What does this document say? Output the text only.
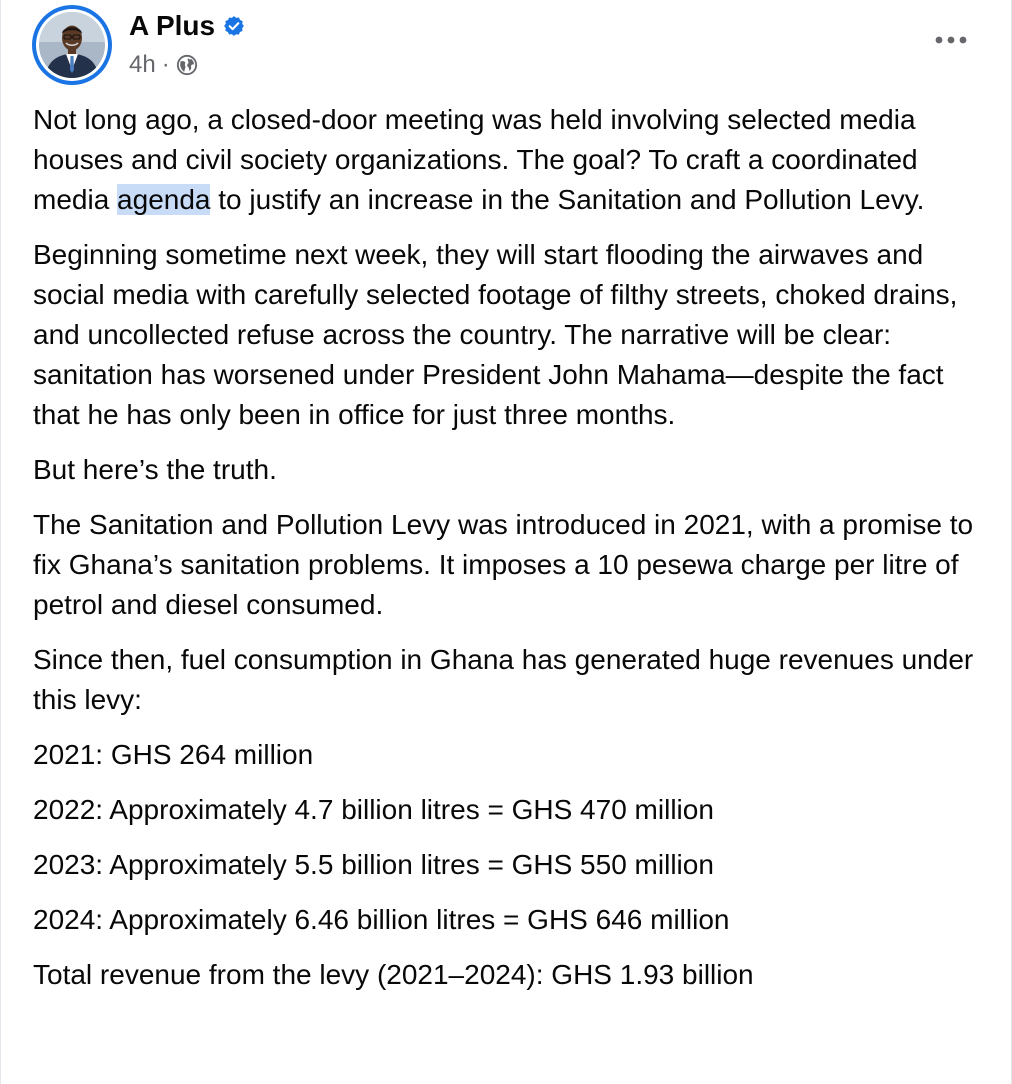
A Plus
4h ·

Not long ago, a closed-door meeting was held involving selected media houses and civil society organizations. The goal? To craft a coordinated media agenda to justify an increase in the Sanitation and Pollution Levy.

Beginning sometime next week, they will start flooding the airwaves and social media with carefully selected footage of filthy streets, choked drains, and uncollected refuse across the country. The narrative will be clear: sanitation has worsened under President John Mahama—despite the fact that he has only been in office for just three months.

But here’s the truth.

The Sanitation and Pollution Levy was introduced in 2021, with a promise to fix Ghana’s sanitation problems. It imposes a 10 pesewa charge per litre of petrol and diesel consumed.

Since then, fuel consumption in Ghana has generated huge revenues under this levy:

2021: GHS 264 million

2022: Approximately 4.7 billion litres = GHS 470 million

2023: Approximately 5.5 billion litres = GHS 550 million

2024: Approximately 6.46 billion litres = GHS 646 million

Total revenue from the levy (2021–2024): GHS 1.93 billion
